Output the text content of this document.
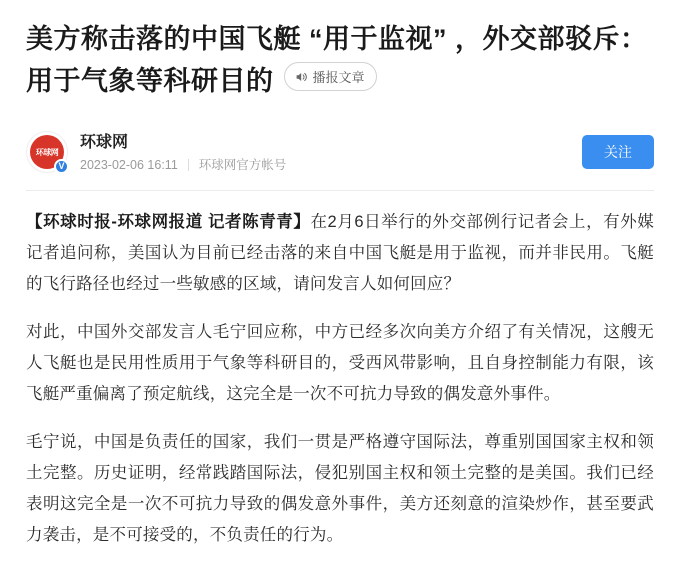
美方称击落的中国飞艇 “用于监视” ，外交部驳斥：用于气象等科研目的	播报文章
环球网
V
环球网
2023-02-06 16:11 环球网官方帐号
关注

【环球时报-环球网报道 记者陈青青】在2月6日举行的外交部例行记者会上，有外媒记者追问称，美国认为目前已经击落的来自中国飞艇是用于监视，而并非民用。飞艇的飞行路径也经过一些敏感的区域，请问发言人如何回应？

对此，中国外交部发言人毛宁回应称，中方已经多次向美方介绍了有关情况，这艘无人飞艇也是民用性质用于气象等科研目的，受西风带影响，且自身控制能力有限，该飞艇严重偏离了预定航线，这完全是一次不可抗力导致的偶发意外事件。

毛宁说，中国是负责任的国家，我们一贯是严格遵守国际法，尊重别国国家主权和领土完整。历史证明，经常践踏国际法，侵犯别国主权和领土完整的是美国。我们已经表明这完全是一次不可抗力导致的偶发意外事件，美方还刻意的渲染炒作，甚至要武力袭击，是不可接受的，不负责任的行为。
